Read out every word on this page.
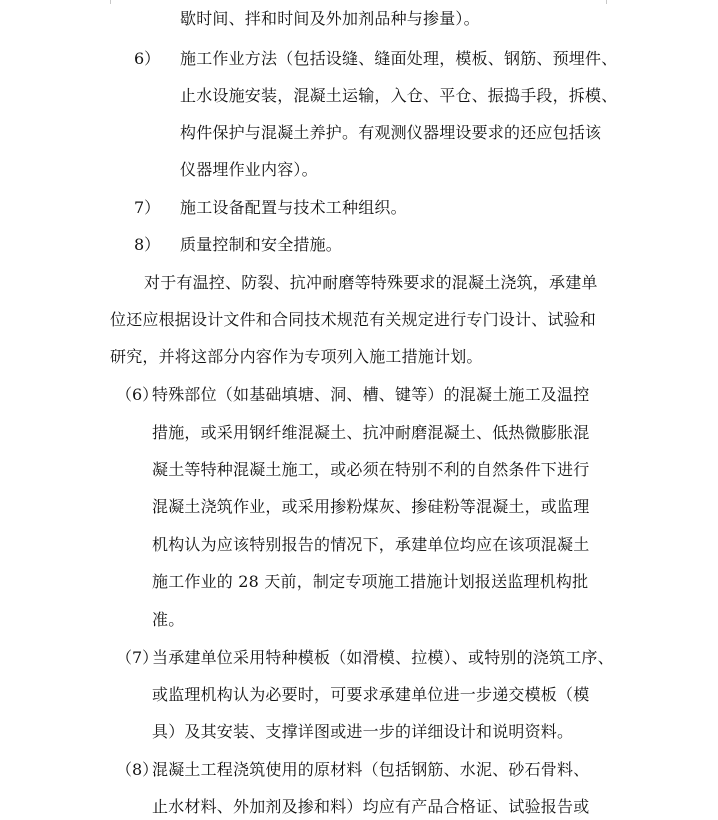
歇时间、拌和时间及外加剂品种与掺量）。
6） 施工作业方法（包括设缝、缝面处理，模板、钢筋、预埋件、
止水设施安装，混凝土运输，入仓、平仓、振捣手段，拆模、
构件保护与混凝土养护。有观测仪器埋设要求的还应包括该
仪器埋作业内容）。
7） 施工设备配置与技术工种组织。
8） 质量控制和安全措施。
对于有温控、防裂、抗冲耐磨等特殊要求的混凝土浇筑，承建单
位还应根据设计文件和合同技术规范有关规定进行专门设计、试验和
研究，并将这部分内容作为专项列入施工措施计划。
（6）
特殊部位（如基础填塘、洞、槽、键等）的混凝土施工及温控
措施，或采用钢纤维混凝土、抗冲耐磨混凝土、低热微膨胀混
凝土等特种混凝土施工，或必须在特别不利的自然条件下进行
混凝土浇筑作业，或采用掺粉煤灰、掺硅粉等混凝土，或监理
机构认为应该特别报告的情况下，承建单位均应在该项混凝土
施工作业的 28 天前，制定专项施工措施计划报送监理机构批
准。
（7）
当承建单位采用特种模板（如滑模、拉模）、或特别的浇筑工序、
或监理机构认为必要时，可要求承建单位进一步递交模板（模
具）及其安装、支撑详图或进一步的详细设计和说明资料。
（8）
混凝土工程浇筑使用的原材料（包括钢筋、水泥、砂石骨料、
止水材料、外加剂及掺和料）均应有产品合格证、试验报告或
